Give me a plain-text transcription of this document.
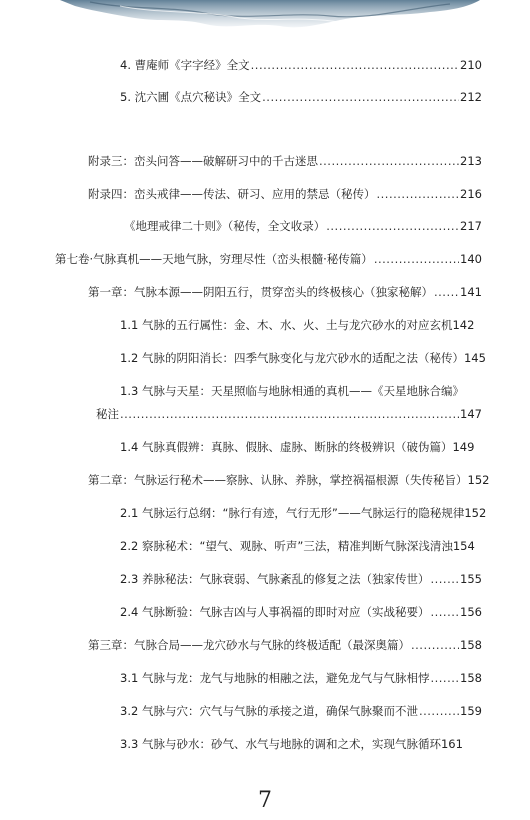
4. 曹庵师《字字经》全文 .....	210
5. 沈六圃《点穴秘诀》全文 .....	212
附录三：峦头问答——破解研习中的千古迷思 .....	213
附录四：峦头戒律——传法、研习、应用的禁忌（秘传） .....	216
《地理戒律二十则》（秘传，全文收录） .....	217
第七卷·气脉真机——天地气脉，穷理尽性（峦头根髓·秘传篇） .....	140
第一章：气脉本源——阴阳五行，贯穿峦头的终极核心（独家秘解） ..... 141
1.1 气脉的五行属性：金、木、水、火、土与龙穴砂水的对应玄机 142
1.2 气脉的阴阳消长：四季气脉变化与龙穴砂水的适配之法（秘传） 145
1.3 气脉与天星：天星照临与地脉相通的真机——《天星地脉合编》
秘注 .....	147
1.4 气脉真假辨：真脉、假脉、虚脉、断脉的终极辨识（破伪篇） 149
第二章：气脉运行秘术——察脉、认脉、养脉，掌控祸福根源（失传秘旨） 152
2.1 气脉运行总纲：“脉行有迹，气行无形”——气脉运行的隐秘规律 152
2.2 察脉秘术：“望气、观脉、听声”三法，精准判断气脉深浅清浊 154
2.3 养脉秘法：气脉衰弱、气脉紊乱的修复之法（独家传世） .....	155
2.4 气脉断验：气脉吉凶与人事祸福的即时对应（实战秘要） .....	156
第三章：气脉合局——龙穴砂水与气脉的终极适配（最深奥篇） .....	158
3.1 气脉与龙：龙气与地脉的相融之法，避免龙气与气脉相悖 .....	158
3.2 气脉与穴：穴气与气脉的承接之道，确保气脉聚而不泄 .....	159
3.3 气脉与砂水：砂气、水气与地脉的调和之术，实现气脉循环 161
7
